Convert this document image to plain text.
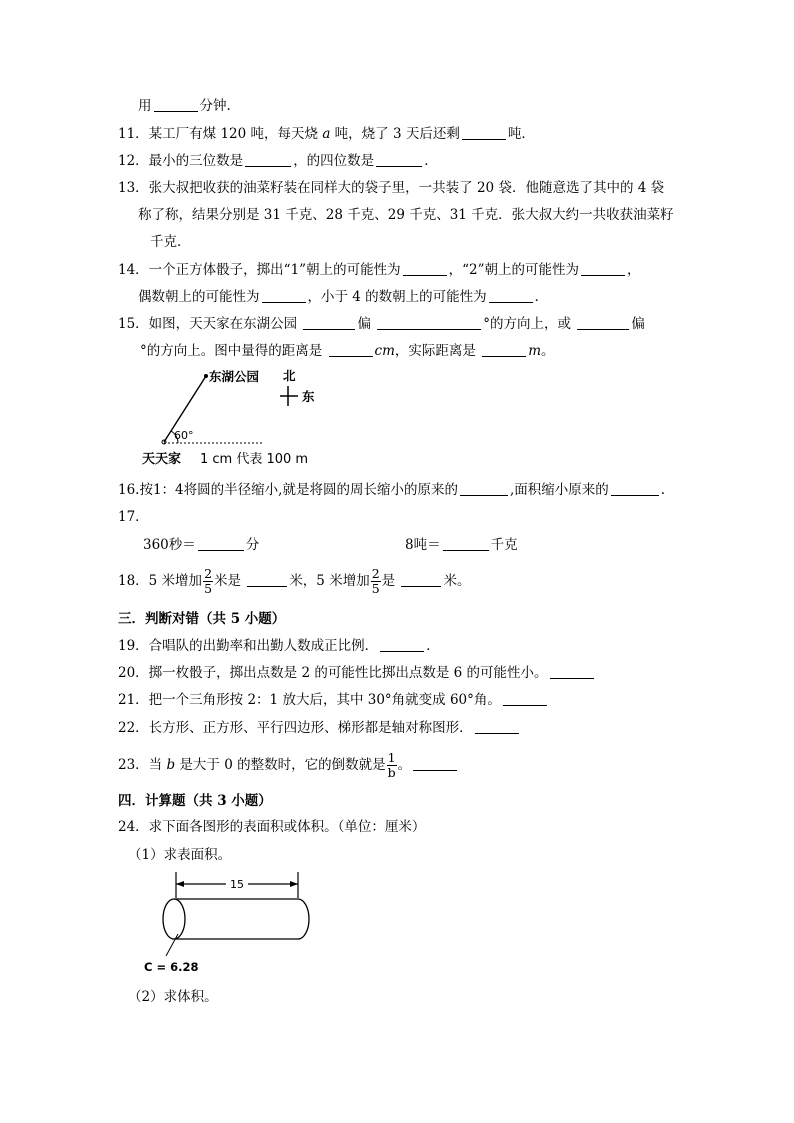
用	分钟.
11．某工厂有煤 120 吨，每天烧 a 吨，烧了 3 天后还剩	吨．
12．最小的三位数是	，的四位数是	．
13．张大叔把收获的油菜籽装在同样大的袋子里，一共装了 20 袋．他随意选了其中的 4 袋
称了称，结果分别是 31 千克、28 千克、29 千克、31 千克．张大叔大约一共收获油菜籽
千克．
14．一个正方体骰子，掷出“1”朝上的可能性为	，“2”朝上的可能性为	，
偶数朝上的可能性为	，小于 4 的数朝上的可能性为	．
15．如图，天天家在东湖公园	偏	°的方向上，或	偏
°的方向上。图中量得的距离是	cm，实际距离是	m。
东湖公园 北
东
60°
天天家 1 cm 代表 100 m
16.按1：4将圆的半径缩小,就是将圆的周长缩小的原来的	,面积缩小原来的	.
17．
360秒＝	分	8吨＝	千克
18．5 米增加 $\frac{2}{5}$ 米是	米，5 米增加 $\frac{2}{5}$ 是	米。
三．判断对错（共 5 小题）
19．合唱队的出勤率和出勤人数成正比例．	．
20．掷一枚骰子，掷出点数是 2 的可能性比掷出点数是 6 的可能性小。
21．把一个三角形按 2：1 放大后，其中 30°角就变成 60°角。
22．长方形、正方形、平行四边形、梯形都是轴对称图形．
23．当 b 是大于 0 的整数时，它的倒数就是 $\frac{1}{b}$ 。
四．计算题（共 3 小题）
24．求下面各图形的表面积或体积。（单位：厘米）
（1）求表面积。
15
C = 6.28
（2）求体积。
